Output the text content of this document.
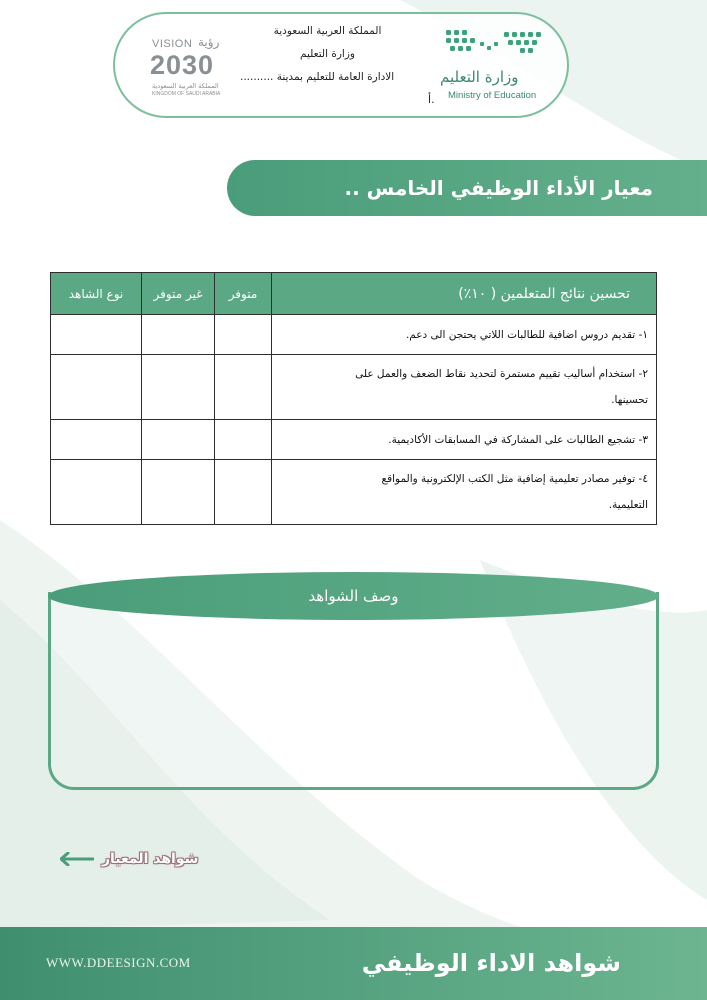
وزارة التعليم
Ministry of Education
المملكة العربية السعودية
وزارة التعليم
الادارة العامة للتعليم بمدينة ..........
أ.
VISION رؤية
2030
المملكة العربية السعودية
KINGDOM OF SAUDI ARABIA
معيار الأداء الوظيفي الخامس ..
نوع الشاهد	غير متوفر	متوفر	تحسين نتائج المتعلمين ( ١٠٪)

			١- تقديم دروس اضافية للطالبات اللاتي يحتجن الى دعم.

			٢- استخدام أساليب تقييم مستمرة لتحديد نقاط الضعف والعمل على
تحسينها.

			٣- تشجيع الطالبات على المشاركة في المسابقات الأكاديمية.

			٤- توفير مصادر تعليمية إضافية مثل الكتب الإلكترونية والمواقع
التعليمية.
وصف الشواهد
شواهد المعيار
WWW.DDEESIGN.COM	شواهد الاداء الوظيفي
